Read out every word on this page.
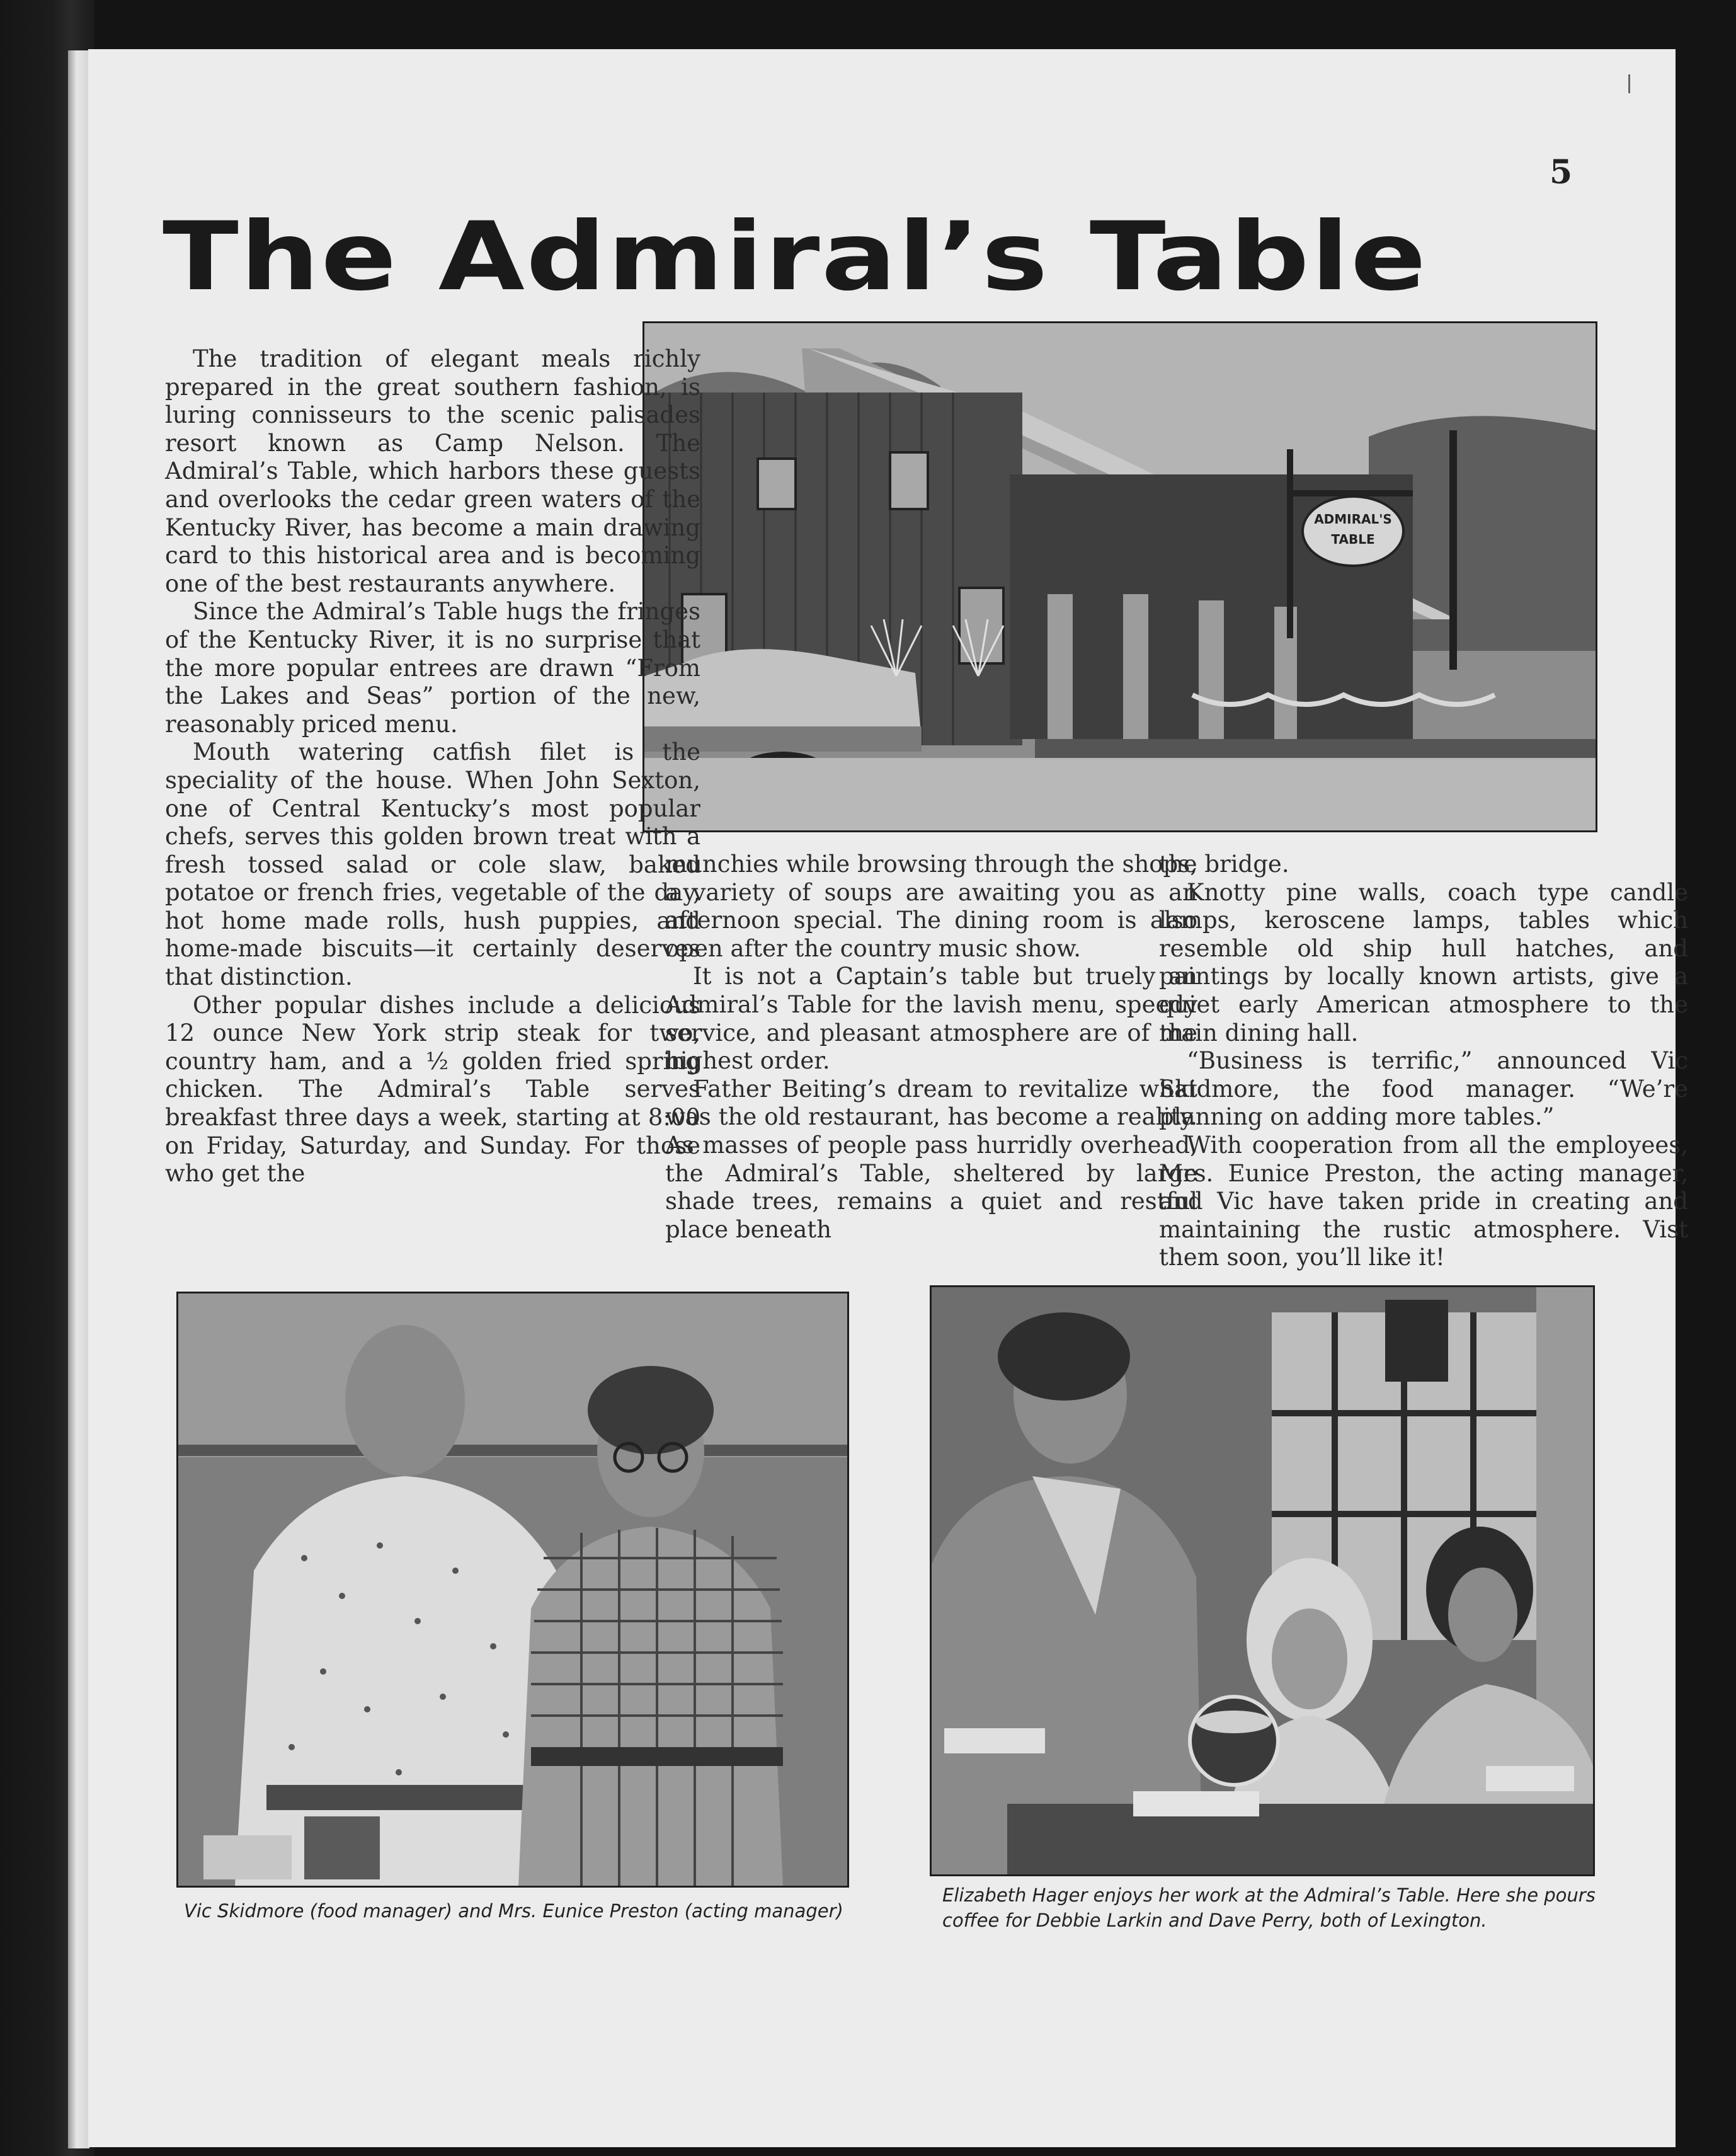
5
The Admiral’s Table
ADMIRAL'S
TABLE

The tradition of elegant meals richly prepared in the great southern fashion, is luring connisseurs to the scenic palisades resort known as Camp Nelson. The Admiral’s Table, which harbors these guests and overlooks the cedar green waters of the Kentucky River, has become a main drawing card to this historical area and is becoming one of the best restaurants anywhere.

Since the Admiral’s Table hugs the fringes of the Kentucky River, it is no surprise that the more popular entrees are drawn “From the Lakes and Seas” portion of the new, reasonably priced menu.

Mouth watering catfish filet is the speciality of the house. When John Sexton, one of Central Kentucky’s most popular chefs, serves this golden brown treat with a fresh tossed salad or cole slaw, baked potatoe or french fries, vegetable of the day, hot home made rolls, hush puppies, and home-made biscuits—it certainly deserves that distinction.

Other popular dishes include a delicious 12 ounce New York strip steak for two, country ham, and a ½ golden fried spring chicken. The Admiral’s Table serves breakfast three days a week, starting at 8:00 on Friday, Saturday, and Sunday. For those who get the

munchies while browsing through the shops, a variety of soups are awaiting you as an afternoon special. The dining room is also open after the country music show.

It is not a Captain’s table but truely an Admiral’s Table for the lavish menu, speedy service, and pleasant atmosphere are of the highest order.

Father Beiting’s dream to revitalize what was the old restaurant, has become a reality. As masses of people pass hurridly overhead, the Admiral’s Table, sheltered by large shade trees, remains a quiet and restful place beneath

the bridge.

Knotty pine walls, coach type candle lamps, keroscene lamps, tables which resemble old ship hull hatches, and paintings by locally known artists, give a quiet early American atmosphere to the main dining hall.

“Business is terrific,” announced Vic Skidmore, the food manager. “We’re planning on adding more tables.”

With cooperation from all the employees, Mrs. Eunice Preston, the acting manager, and Vic have taken pride in creating and maintaining the rustic atmosphere. Vist them soon, you’ll like it!

Vic Skidmore (food manager) and Mrs. Eunice Preston (acting manager)
Elizabeth Hager enjoys her work at the Admiral’s Table. Here she pours coffee for Debbie Larkin and Dave Perry, both of Lexington.
